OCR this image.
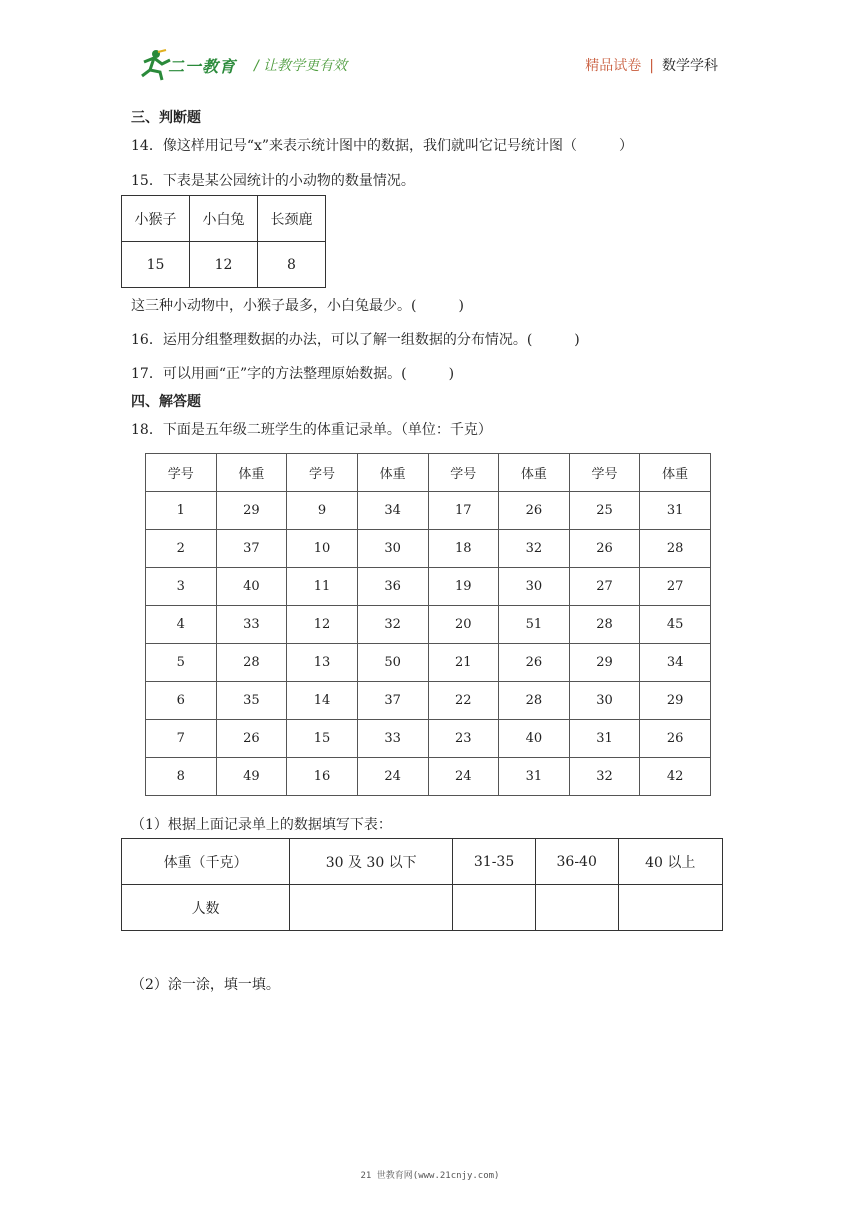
二一教育 / 让教学更有效	精品试卷 | 数学学科
三、判断题
14．像这样用记号“x”来表示统计图中的数据，我们就叫它记号统计图（　　　）
15．下表是某公园统计的小动物的数量情况。
小猴子	小白兔	长颈鹿
15	12	8
这三种小动物中，小猴子最多，小白兔最少。(　　　)
16．运用分组整理数据的办法，可以了解一组数据的分布情况。(　　　)
17．可以用画“正”字的方法整理原始数据。(　　　)
四、解答题
18．下面是五年级二班学生的体重记录单。（单位：千克）
学号	体重	学号	体重	学号	体重	学号	体重
1	29	9	34	17	26	25	31
2	37	10	30	18	32	26	28
3	40	11	36	19	30	27	27
4	33	12	32	20	51	28	45
5	28	13	50	21	26	29	34
6	35	14	37	22	28	30	29
7	26	15	33	23	40	31	26
8	49	16	24	24	31	32	42
（1）根据上面记录单上的数据填写下表：
体重（千克）	30 及 30 以下	31-35	36-40	40 以上
人数				
（2）涂一涂，填一填。
21 世教育网(www.21cnjy.com)
